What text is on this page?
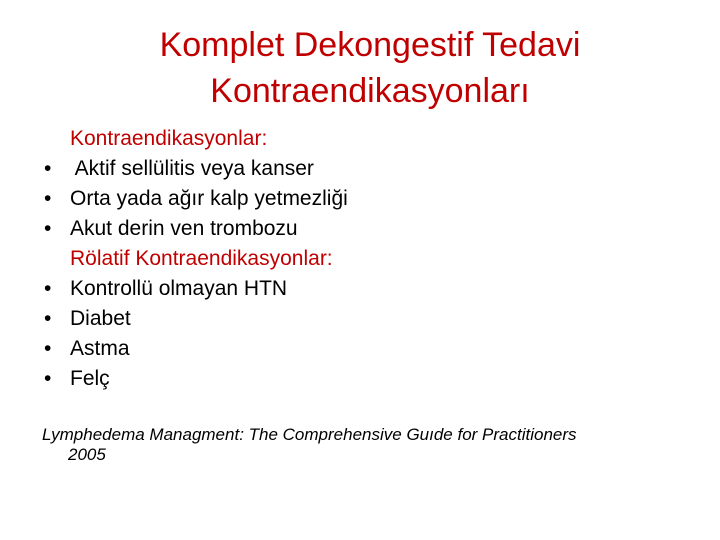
Komplet Dekongestif Tedavi
Kontraendikasyonları
Kontraendikasyonlar:
• Aktif sellülitis veya kanser
• Orta yada ağır kalp yetmezliği
• Akut derin ven trombozu
Rölatif Kontraendikasyonlar:
• Kontrollü olmayan HTN
• Diabet
• Astma
• Felç
Lymphedema Managment: The Comprehensive Guıde for Practitioners
2005
